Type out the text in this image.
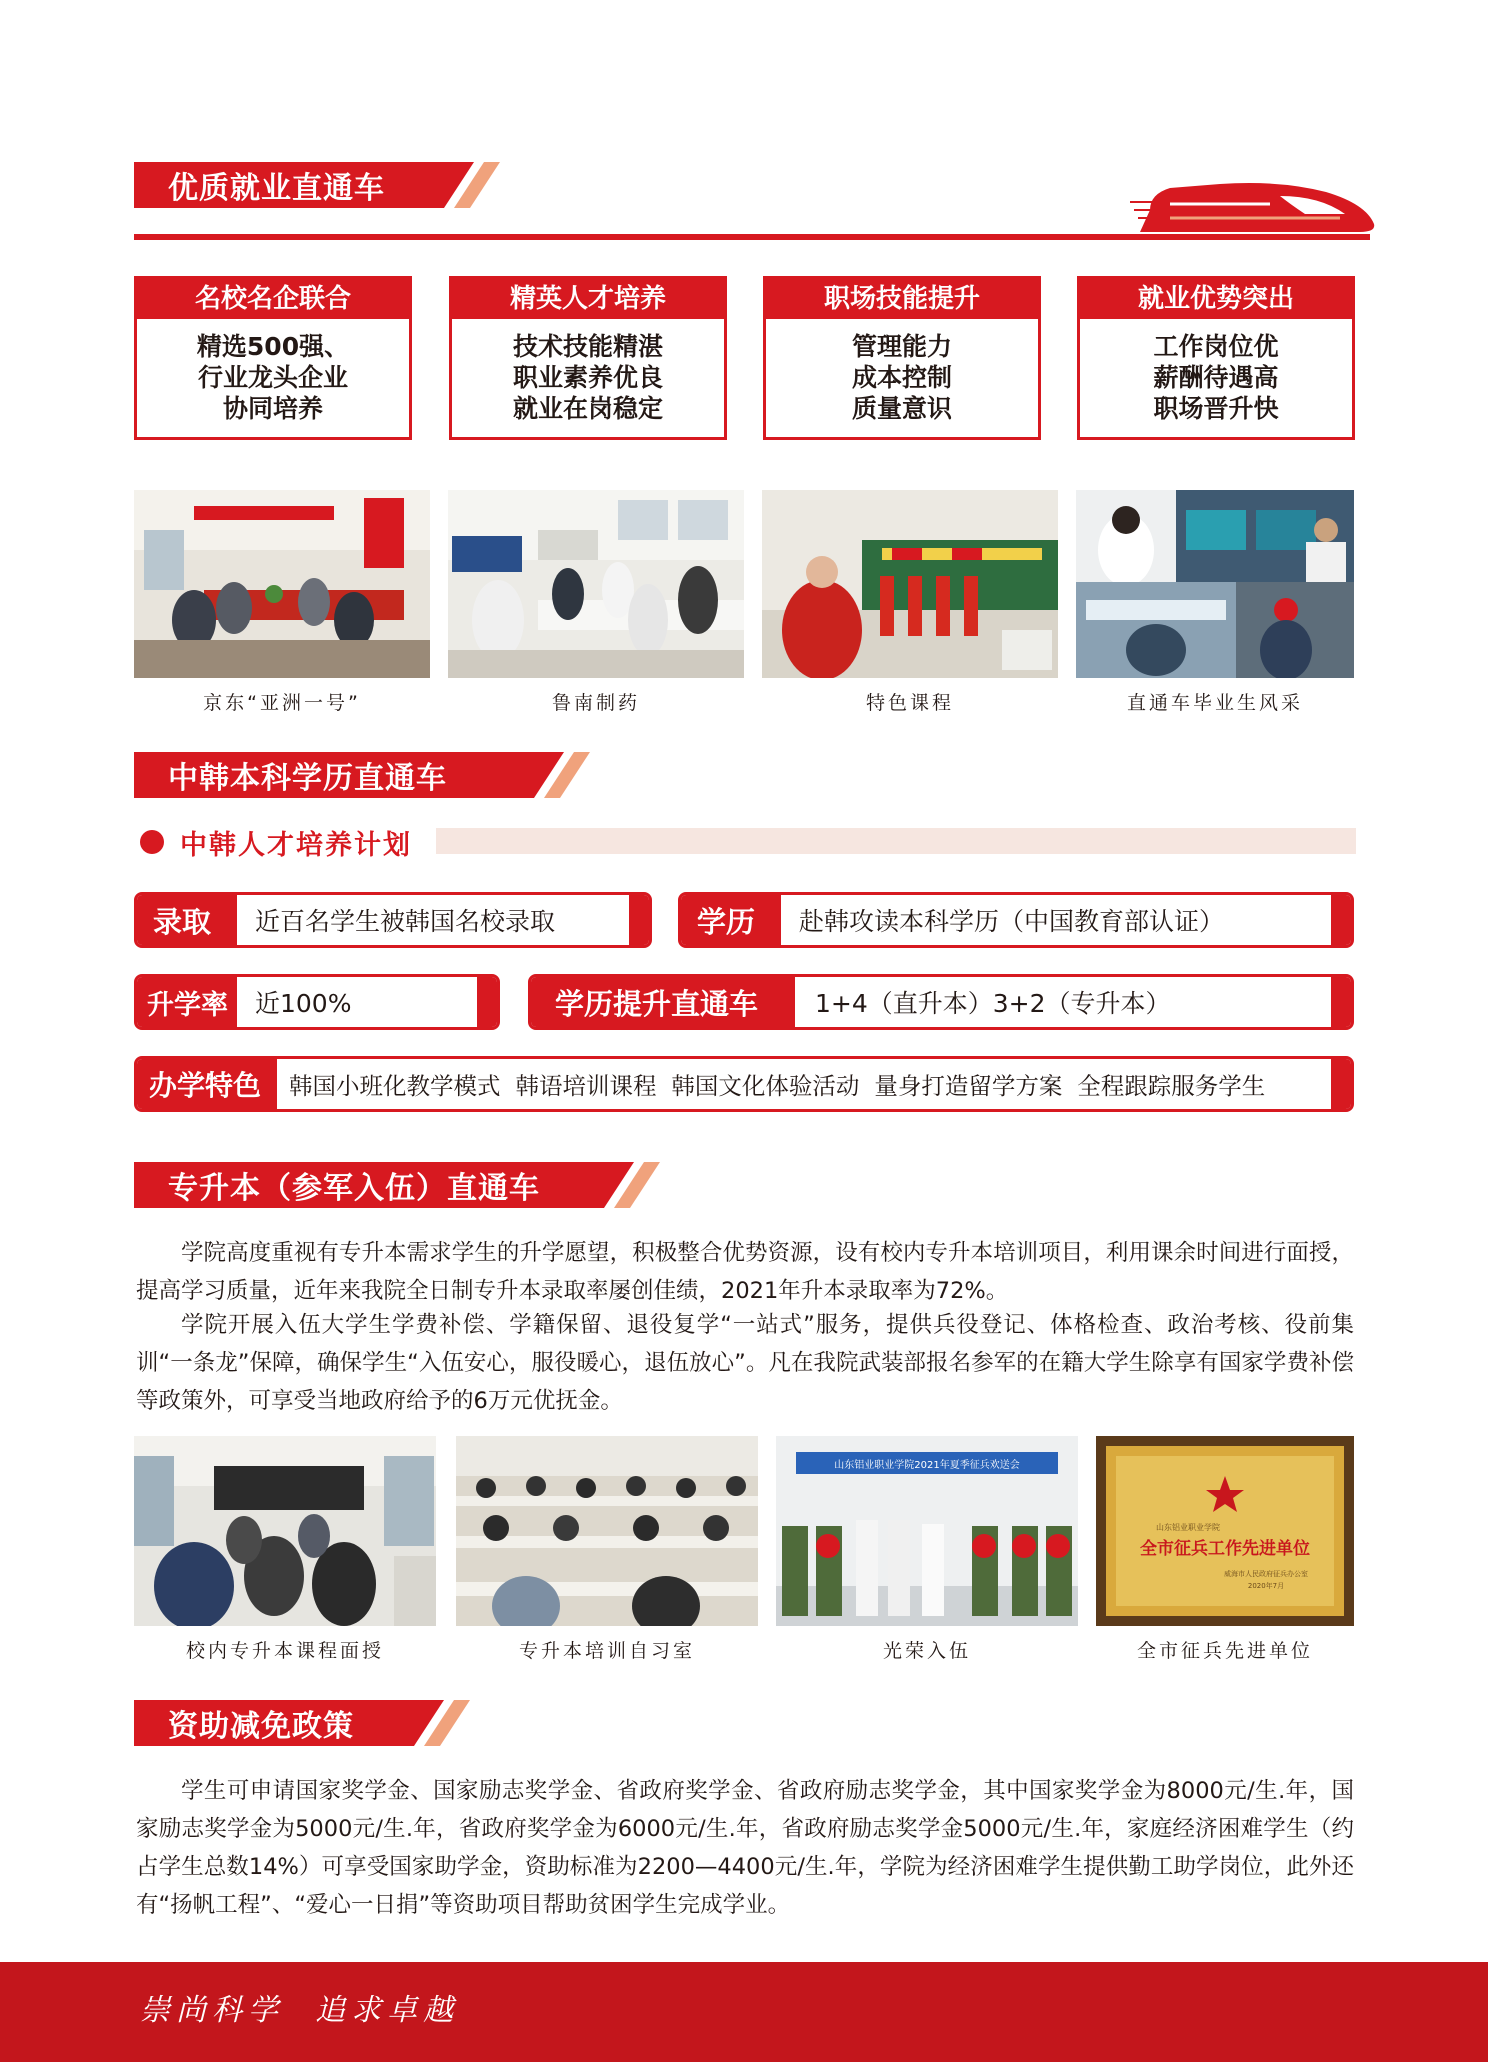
优质就业直通车
名校名企联合
精选500强、
行业龙头企业
协同培养
精英人才培养
技术技能精湛
职业素养优良
就业在岗稳定
职场技能提升
管理能力
成本控制
质量意识
就业优势突出
工作岗位优
薪酬待遇高
职场晋升快
京东“亚洲一号”	鲁南制药	特色课程	直通车毕业生风采
中韩本科学历直通车
中韩人才培养计划
录取	近百名学生被韩国名校录取	学历	赴韩攻读本科学历（中国教育部认证）
升学率	近100%	学历提升直通车	1+4（直升本）3+2（专升本）
办学特色	韩国小班化教学模式  韩语培训课程  韩国文化体验活动  量身打造留学方案  全程跟踪服务学生
专升本（参军入伍）直通车

学院高度重视有专升本需求学生的升学愿望，积极整合优势资源，设有校内专升本培训项目，利用课余时间进行面授，提高学习质量，近年来我院全日制专升本录取率屡创佳绩，2021年升本录取率为72%。

学院开展入伍大学生学费补偿、学籍保留、退役复学“一站式”服务，提供兵役登记、体格检查、政治考核、役前集训“一条龙”保障，确保学生“入伍安心，服役暖心，退伍放心”。凡在我院武装部报名参军的在籍大学生除享有国家学费补偿等政策外，可享受当地政府给予的6万元优抚金。

山东铝业职业学院2021年夏季征兵欢送会
山东铝业职业学院
全市征兵工作先进单位
威海市人民政府征兵办公室
2020年7月
校内专升本课程面授	专升本培训自习室	光荣入伍	全市征兵先进单位
资助减免政策

学生可申请国家奖学金、国家励志奖学金、省政府奖学金、省政府励志奖学金，其中国家奖学金为8000元/生.年，国家励志奖学金为5000元/生.年，省政府奖学金为6000元/生.年，省政府励志奖学金5000元/生.年，家庭经济困难学生（约占学生总数14%）可享受国家助学金，资助标准为2200—4400元/生.年，学院为经济困难学生提供勤工助学岗位，此外还有“扬帆工程”、“爱心一日捐”等资助项目帮助贫困学生完成学业。

崇尚科学  追求卓越
